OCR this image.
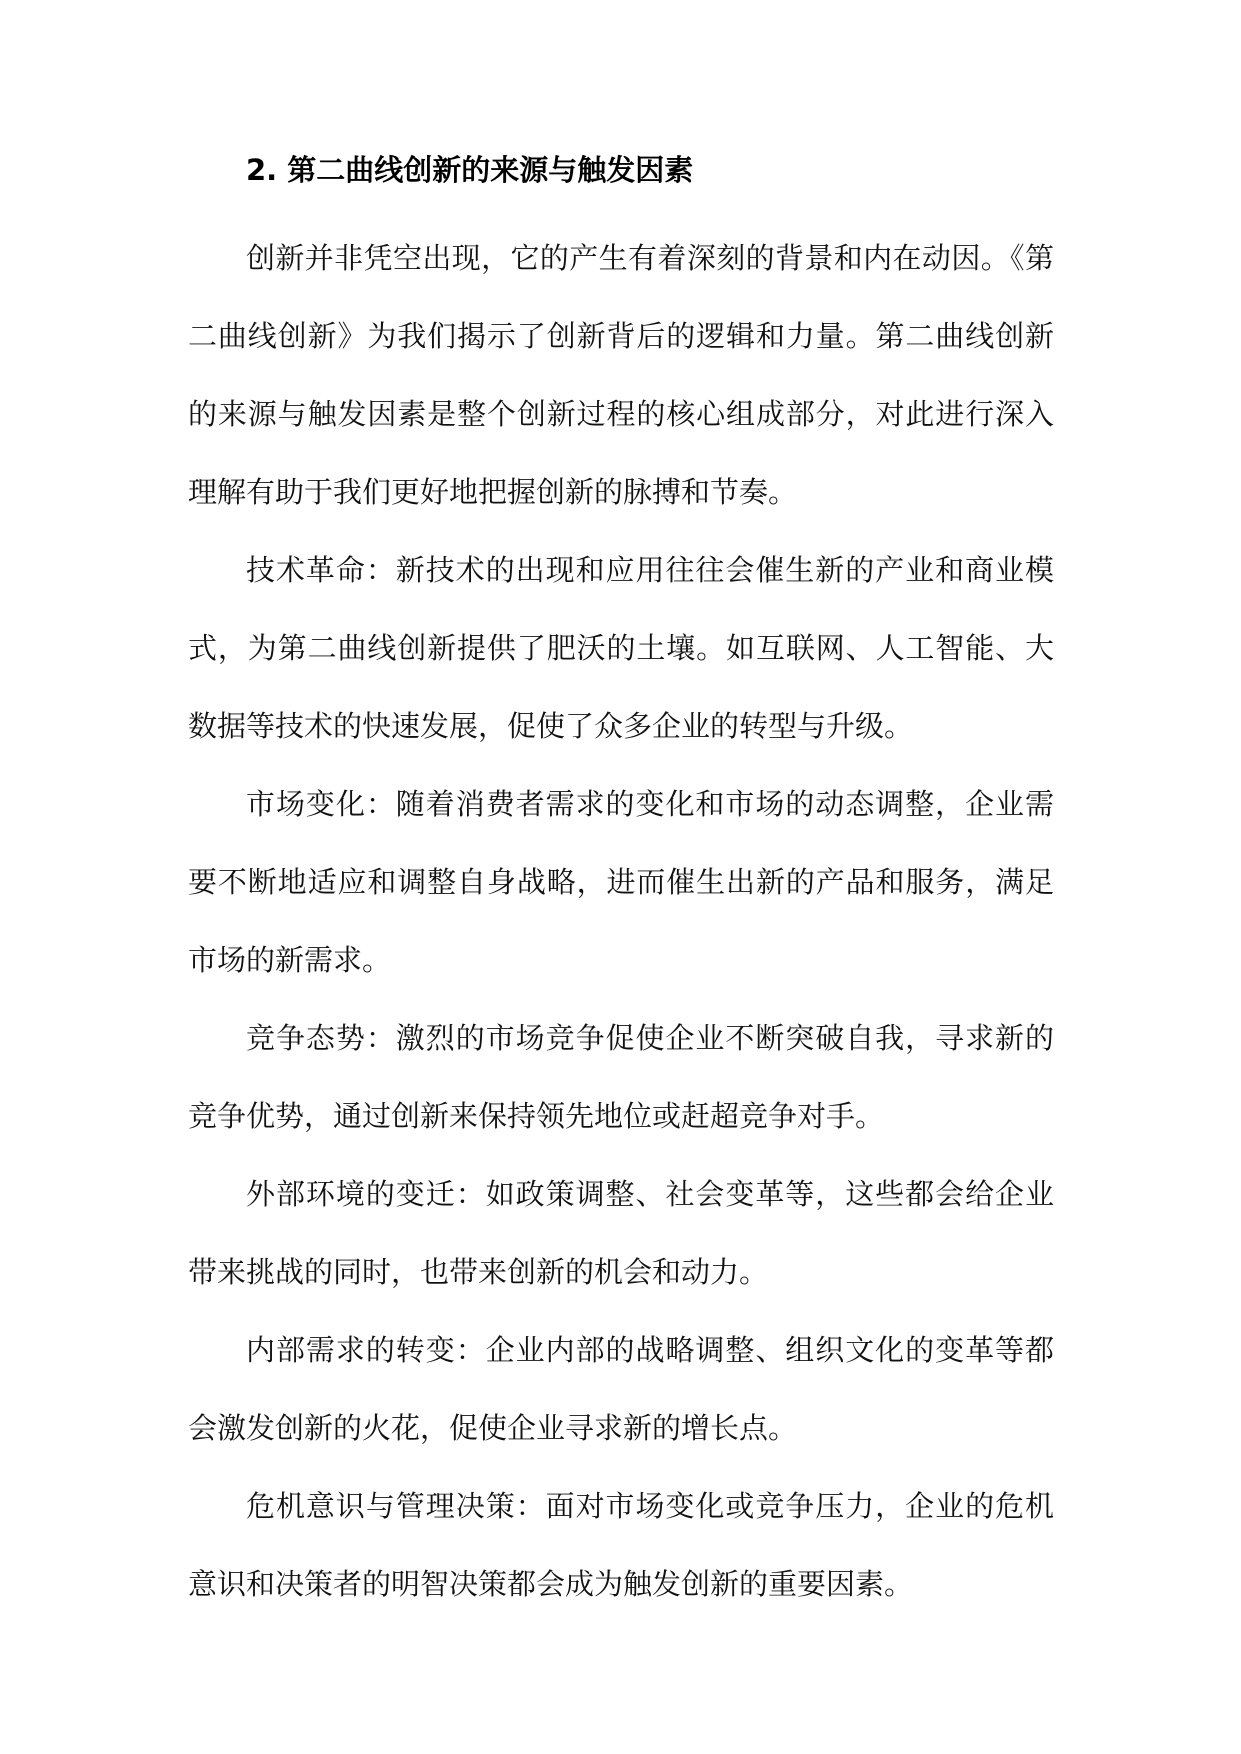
2. 第二曲线创新的来源与触发因素

创新并非凭空出现，它的产生有着深刻的背景和内在动因。《第二曲线创新》为我们揭示了创新背后的逻辑和力量。第二曲线创新的来源与触发因素是整个创新过程的核心组成部分，对此进行深入理解有助于我们更好地把握创新的脉搏和节奏。

技术革命：新技术的出现和应用往往会催生新的产业和商业模式，为第二曲线创新提供了肥沃的土壤。如互联网、人工智能、大数据等技术的快速发展，促使了众多企业的转型与升级。

市场变化：随着消费者需求的变化和市场的动态调整，企业需要不断地适应和调整自身战略，进而催生出新的产品和服务，满足市场的新需求。

竞争态势：激烈的市场竞争促使企业不断突破自我，寻求新的竞争优势，通过创新来保持领先地位或赶超竞争对手。

外部环境的变迁：如政策调整、社会变革等，这些都会给企业带来挑战的同时，也带来创新的机会和动力。

内部需求的转变：企业内部的战略调整、组织文化的变革等都会激发创新的火花，促使企业寻求新的增长点。

危机意识与管理决策：面对市场变化或竞争压力，企业的危机意识和决策者的明智决策都会成为触发创新的重要因素。
